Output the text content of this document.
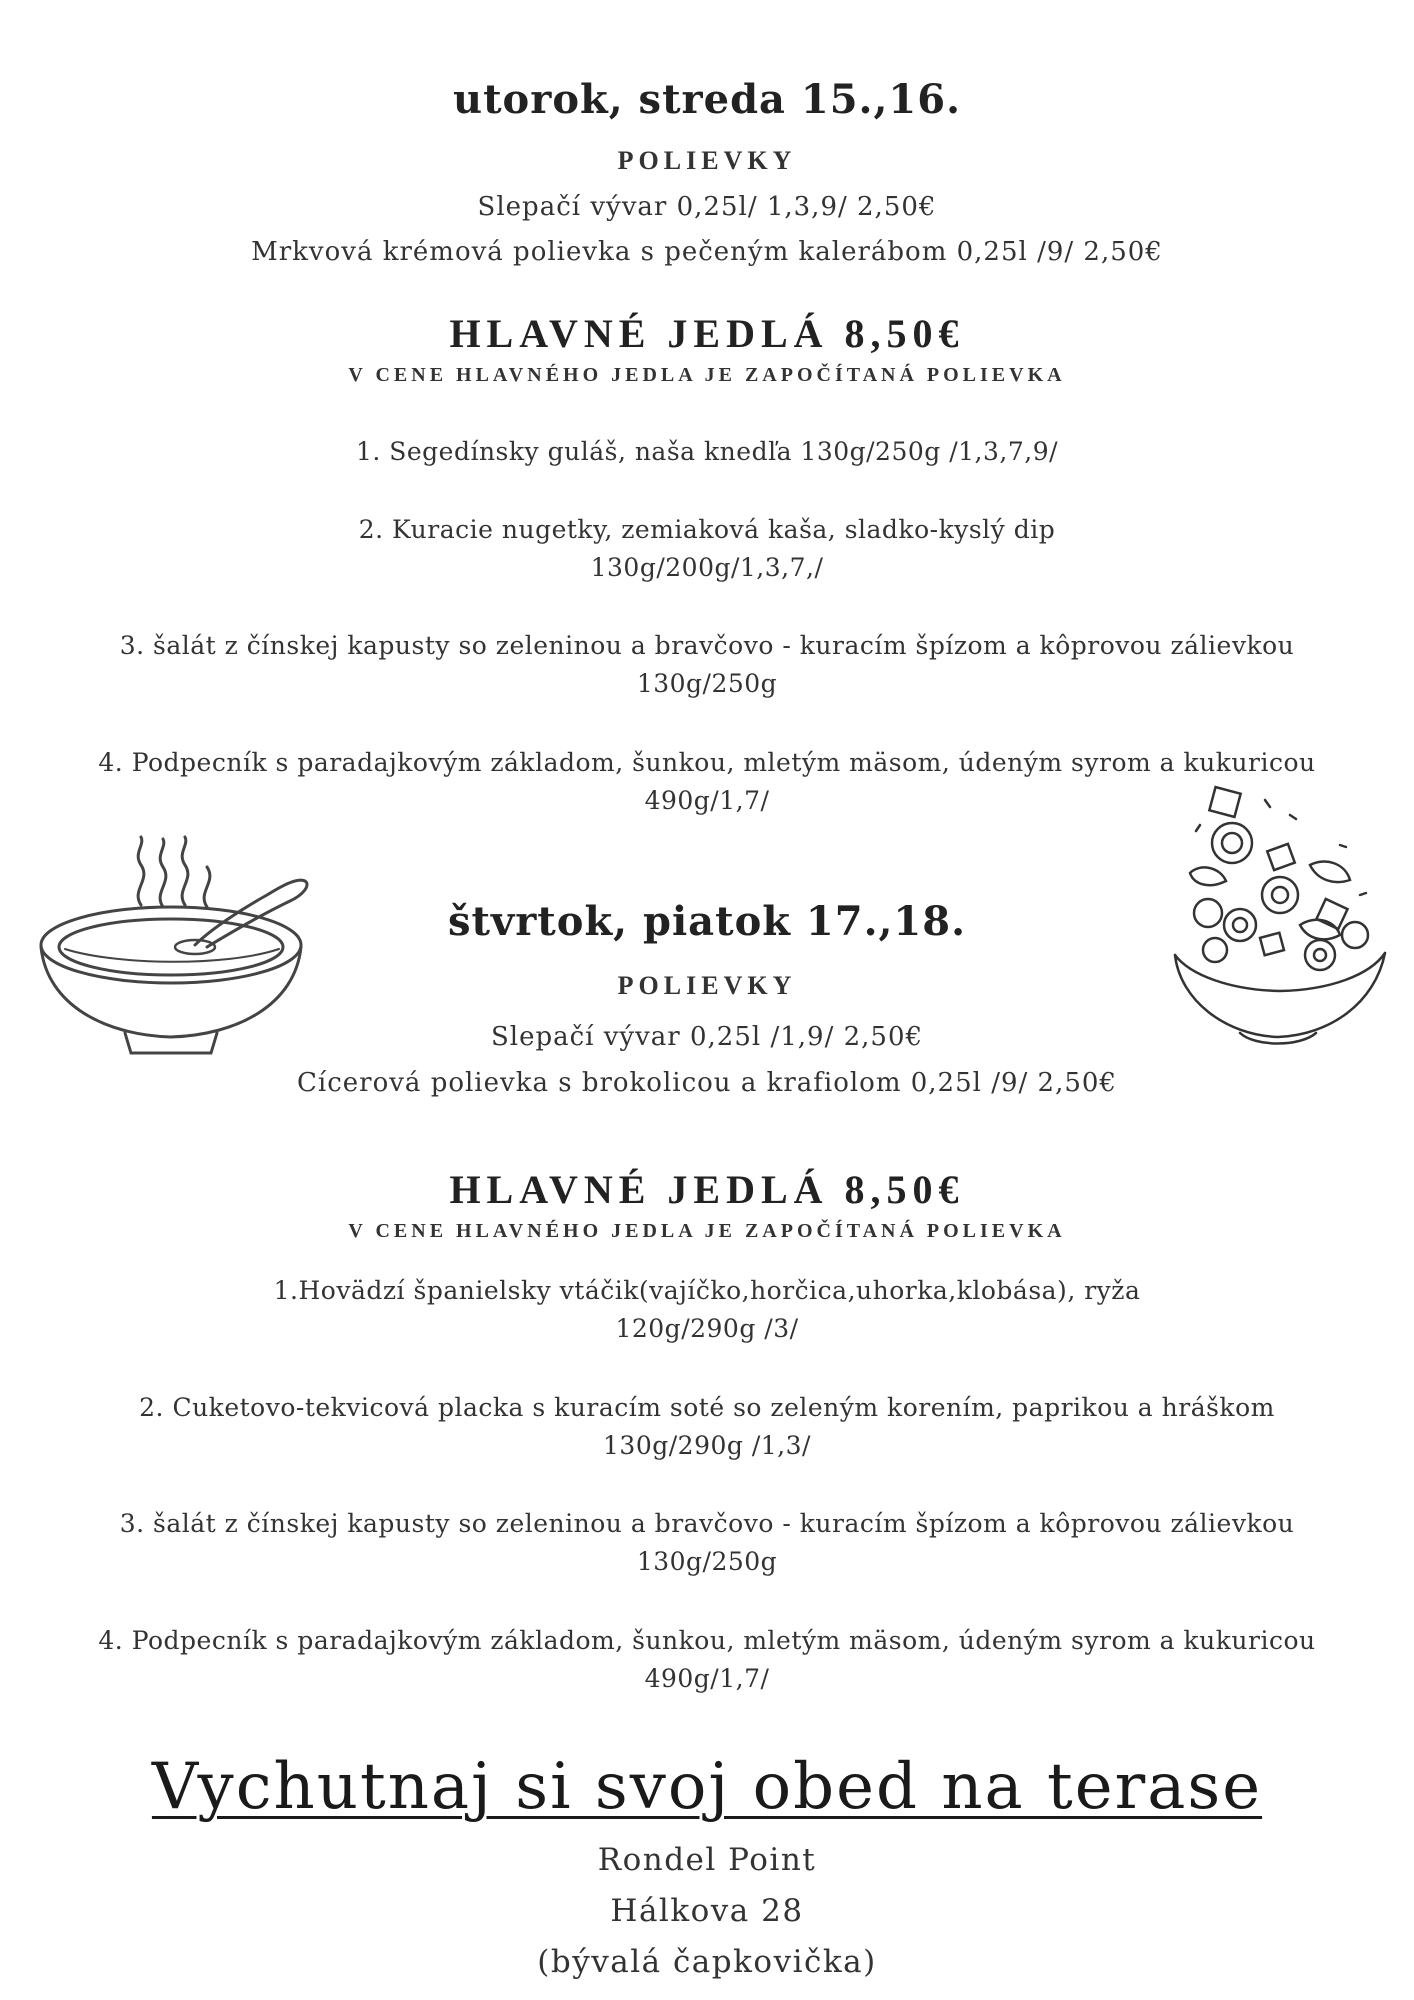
utorok, streda 15.,16.
POLIEVKY
Slepačí vývar 0,25l/ 1,3,9/ 2,50€
Mrkvová krémová polievka s pečeným kalerábom 0,25l /9/ 2,50€
HLAVNÉ JEDLÁ 8,50€
V CENE HLAVNÉHO JEDLA JE ZAPOČÍTANÁ POLIEVKA
1. Segedínsky guláš, naša knedľa 130g/250g /1,3,7,9/
2. Kuracie nugetky, zemiaková kaša, sladko-kyslý dip
130g/200g/1,3,7,/
3. šalát z čínskej kapusty so zeleninou a bravčovo - kuracím špízom a kôprovou zálievkou
130g/250g
4. Podpecník s paradajkovým základom, šunkou, mletým mäsom, údeným syrom a kukuricou
490g/1,7/
štvrtok, piatok 17.,18.
POLIEVKY
Slepačí vývar 0,25l /1,9/ 2,50€
Cícerová polievka s brokolicou a krafiolom 0,25l /9/ 2,50€
HLAVNÉ JEDLÁ 8,50€
V CENE HLAVNÉHO JEDLA JE ZAPOČÍTANÁ POLIEVKA
1.Hovädzí španielsky vtáčik(vajíčko,horčica,uhorka,klobása), ryža
120g/290g /3/
2. Cuketovo-tekvicová placka s kuracím soté so zeleným korením, paprikou a hráškom
130g/290g /1,3/
3. šalát z čínskej kapusty so zeleninou a bravčovo - kuracím špízom a kôprovou zálievkou
130g/250g
4. Podpecník s paradajkovým základom, šunkou, mletým mäsom, údeným syrom a kukuricou
490g/1,7/
Vychutnaj si svoj obed na terase
Rondel Point
Hálkova 28
(bývalá čapkovička)
